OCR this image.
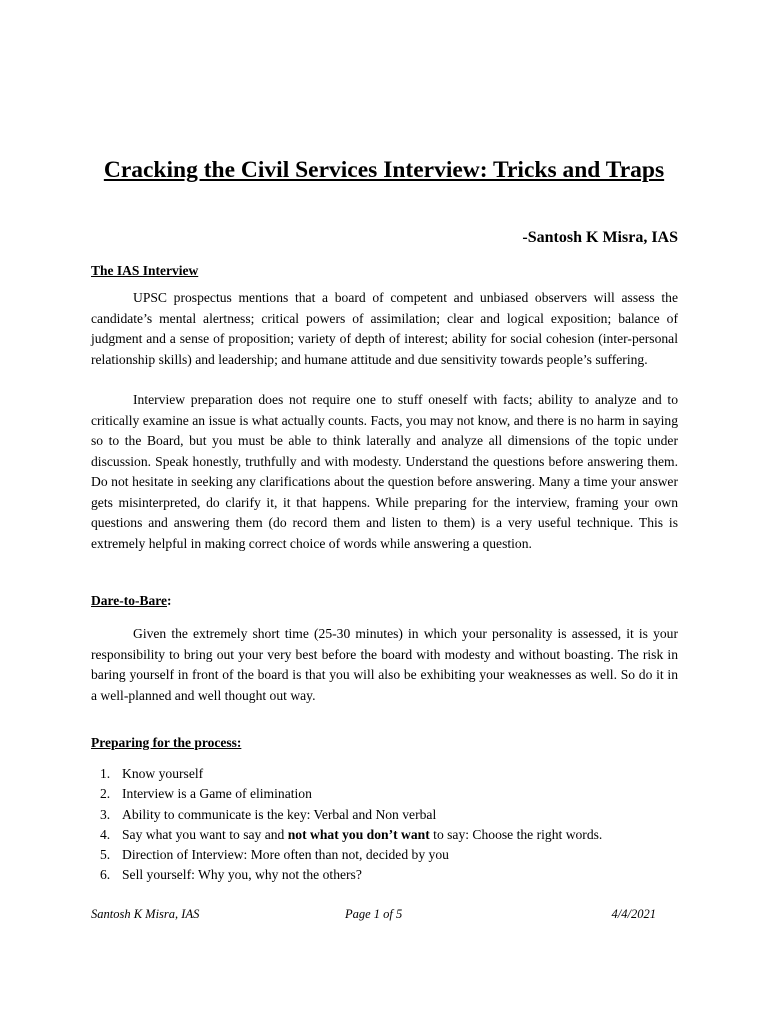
Cracking the Civil Services Interview: Tricks and Traps
-Santosh K Misra, IAS
The IAS Interview

UPSC prospectus mentions that a board of competent and unbiased observers will assess the candidate’s mental alertness; critical powers of assimilation; clear and logical exposition; balance of judgment and a sense of proposition; variety of depth of interest; ability for social cohesion (inter-personal relationship skills) and leadership; and humane attitude and due sensitivity towards people’s suffering.

Interview preparation does not require one to stuff oneself with facts; ability to analyze and to critically examine an issue is what actually counts. Facts, you may not know, and there is no harm in saying so to the Board, but you must be able to think laterally and analyze all dimensions of the topic under discussion. Speak honestly, truthfully and with modesty. Understand the questions before answering them. Do not hesitate in seeking any clarifications about the question before answering. Many a time your answer gets misinterpreted, do clarify it, it that happens. While preparing for the interview, framing your own questions and answering them (do record them and listen to them) is a very useful technique. This is extremely helpful in making correct choice of words while answering a question.

Dare-to-Bare:

Given the extremely short time (25-30 minutes) in which your personality is assessed, it is your responsibility to bring out your very best before the board with modesty and without boasting. The risk in baring yourself in front of the board is that you will also be exhibiting your weaknesses as well. So do it in a well-planned and well thought out way.

Preparing for the process:
1. Know yourself
2. Interview is a Game of elimination
3. Ability to communicate is the key: Verbal and Non verbal
4. Say what you want to say and not what you don’t want to say: Choose the right words.
5. Direction of Interview: More often than not, decided by you
6. Sell yourself: Why you, why not the others?
Santosh K Misra, IAS	Page 1 of 5	4/4/2021
